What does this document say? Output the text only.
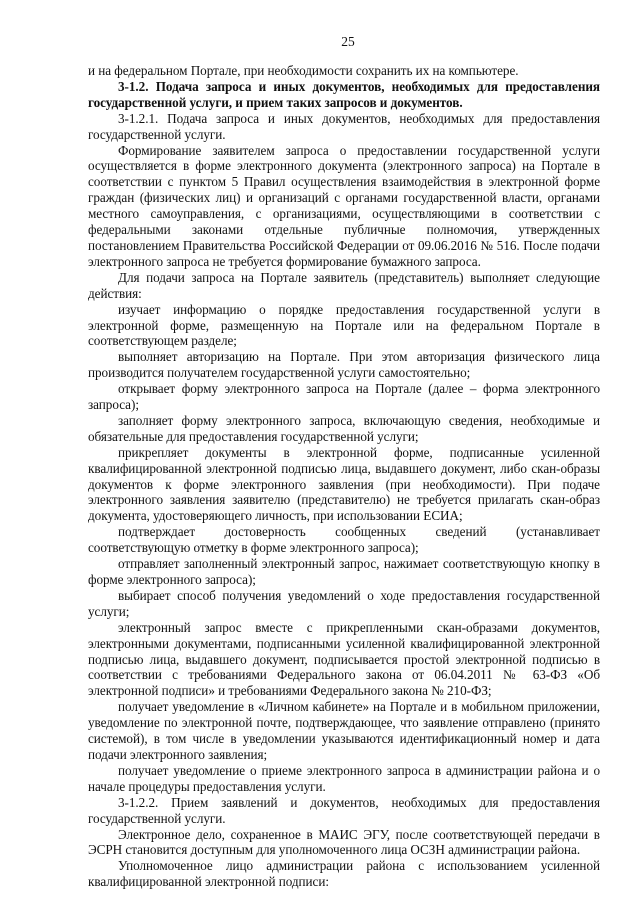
25

и на федеральном Портале, при необходимости сохранить их на компьютере.

3-1.2. Подача запроса и иных документов, необходимых для предоставления государственной услуги, и прием таких запросов и документов.

3-1.2.1. Подача запроса и иных документов, необходимых для предоставления государственной услуги.

Формирование заявителем запроса о предоставлении государственной услуги осуществляется в форме электронного документа (электронного запроса) на Портале в соответствии с пунктом 5 Правил осуществления взаимодействия в электронной форме граждан (физических лиц) и организаций с органами государственной власти, органами местного самоуправления, с организациями, осуществляющими в соответствии с федеральными законами отдельные публичные полномочия, утвержденных постановлением Правительства Российской Федерации от 09.06.2016 № 516. После подачи электронного запроса не требуется формирование бумажного запроса.

Для подачи запроса на Портале заявитель (представитель) выполняет следующие действия:

изучает информацию о порядке предоставления государственной услуги в электронной форме, размещенную на Портале или на федеральном Портале в соответствующем разделе;

выполняет авторизацию на Портале. При этом авторизация физического лица производится получателем государственной услуги самостоятельно;

открывает форму электронного запроса на Портале (далее – форма электронного запроса);

заполняет форму электронного запроса, включающую сведения, необходимые и обязательные для предоставления государственной услуги;

прикрепляет документы в электронной форме, подписанные усиленной квалифицированной электронной подписью лица, выдавшего документ, либо скан-образы документов к форме электронного заявления (при необходимости). При подаче электронного заявления заявителю (представителю) не требуется прилагать скан-образ документа, удостоверяющего личность, при использовании ЕСИА;

подтверждает достоверность сообщенных сведений (устанавливает соответствующую отметку в форме электронного запроса);

отправляет заполненный электронный запрос, нажимает соответствующую кнопку в форме электронного запроса);

выбирает способ получения уведомлений о ходе предоставления государственной услуги;

электронный запрос вместе с прикрепленными скан-образами документов, электронными документами, подписанными усиленной квалифицированной электронной подписью лица, выдавшего документ, подписывается простой электронной подписью в соответствии с требованиями Федерального закона от 06.04.2011 № 63-ФЗ «Об электронной подписи» и требованиями Федерального закона № 210-ФЗ;

получает уведомление в «Личном кабинете» на Портале и в мобильном приложении, уведомление по электронной почте, подтверждающее, что заявление отправлено (принято системой), в том числе в уведомлении указываются идентификационный номер и дата подачи электронного заявления;

получает уведомление о приеме электронного запроса в администрации района и о начале процедуры предоставления услуги.

3-1.2.2. Прием заявлений и документов, необходимых для предоставления государственной услуги.

Электронное дело, сохраненное в МАИС ЭГУ, после соответствующей передачи в ЭСРН становится доступным для уполномоченного лица ОСЗН администрации района.

Уполномоченное лицо администрации района с использованием усиленной квалифицированной электронной подписи:
